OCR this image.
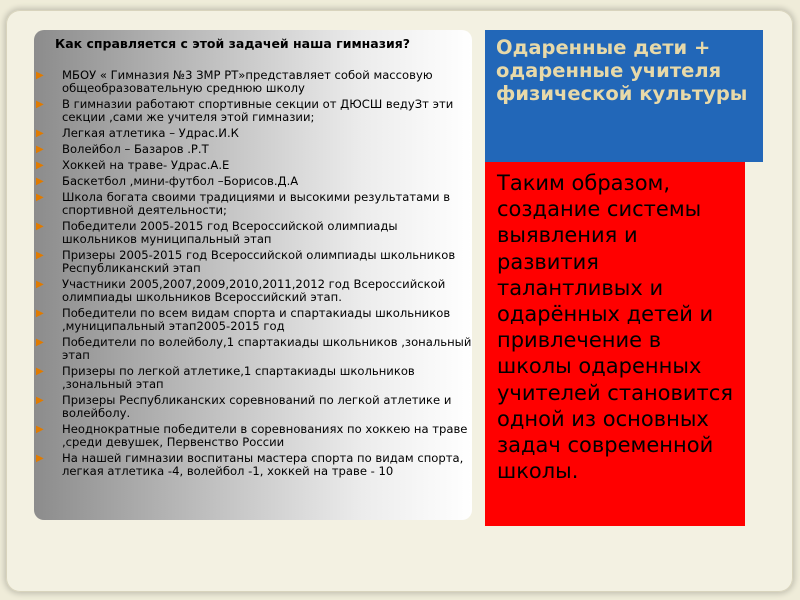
Как справляется с этой задачей наша гимназия?
▶ МБОУ « Гимназия №3 ЗМР РТ»представляет собой массовую общеобразовательную среднюю школу
▶ В гимназии работают спортивные секции от ДЮСШ ведуЗт эти секции ,сами же учителя этой гимназии;
▶ Легкая атлетика – Удрас.И.К
▶ Волейбол – Базаров .Р.Т
▶ Хоккей на траве- Удрас.А.Е
▶ Баскетбол ,мини-футбол –Борисов.Д.А
▶ Школа богата своими традициями и высокими результатами в спортивной деятельности;
▶ Победители 2005-2015 год Всероссийской олимпиады школьников муниципальный этап
▶ Призеры 2005-2015 год Всероссийской олимпиады школьников Республиканский этап
▶ Участники 2005,2007,2009,2010,2011,2012 год Всероссийской олимпиады школьников Всероссийский этап.
▶ Победители по всем видам спорта и спартакиады школьников ,муниципальный этап2005-2015 год
▶ Победители по волейболу,1 спартакиады школьников ,зональный этап
▶ Призеры по легкой атлетике,1 спартакиады школьников ,зональный этап
▶ Призеры Республиканских соревнований по легкой атлетике и волейболу.
▶ Неоднократные победители в соревнованиях по хоккею на траве ,среди девушек, Первенство России
▶ На нашей гимназии воспитаны мастера спорта по видам спорта, легкая атлетика -4, волейбол -1, хоккей на траве - 10
Одаренные дети + одаренные учителя физической культуры
Таким образом, создание системы выявления и развития талантливых и одарённых детей и привлечение в школы одаренных учителей становится одной из основных задач современной школы.
